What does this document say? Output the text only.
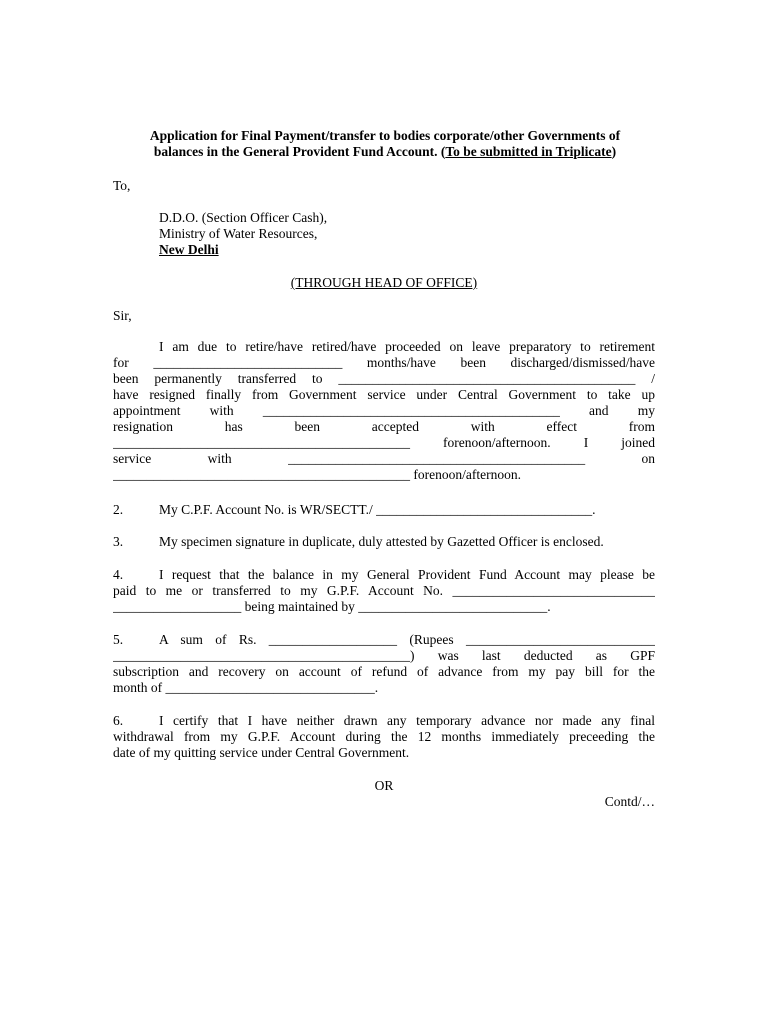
Application for Final Payment/transfer to bodies corporate/other Governments of
balances in the General Provident Fund Account. (To be submitted in Triplicate)
To,
D.D.O. (Section Officer Cash),
Ministry of Water Resources,
New Delhi
(THROUGH HEAD OF OFFICE)
Sir,
I am due to retire/have retired/have proceeded on leave preparatory to retirement
for ____________________________ months/have been discharged/dismissed/have
been permanently transferred to ____________________________________________ /
have resigned finally from Government service under Central Government to take up
appointment with ____________________________________________ and my
resignation has been accepted with effect from
____________________________________________ forenoon/afternoon. I joined
service with ____________________________________________ on
____________________________________________ forenoon/afternoon.
2.	My C.P.F. Account No. is WR/SECTT./ ________________________________.
3.	My specimen signature in duplicate, duly attested by Gazetted Officer is enclosed.
4.	I request that the balance in my General Provident Fund Account may please be
paid to me or transferred to my G.P.F. Account No. ______________________________
___________________ being maintained by ____________________________.
5.	A sum of Rs. ___________________ (Rupees ____________________________
____________________________________________) was last deducted as GPF
subscription and recovery on account of refund of advance from my pay bill for the
month of _______________________________.
6.	I certify that I have neither drawn any temporary advance nor made any final
withdrawal from my G.P.F. Account during the 12 months immediately preceeding the
date of my quitting service under Central Government.
OR
Contd/…
